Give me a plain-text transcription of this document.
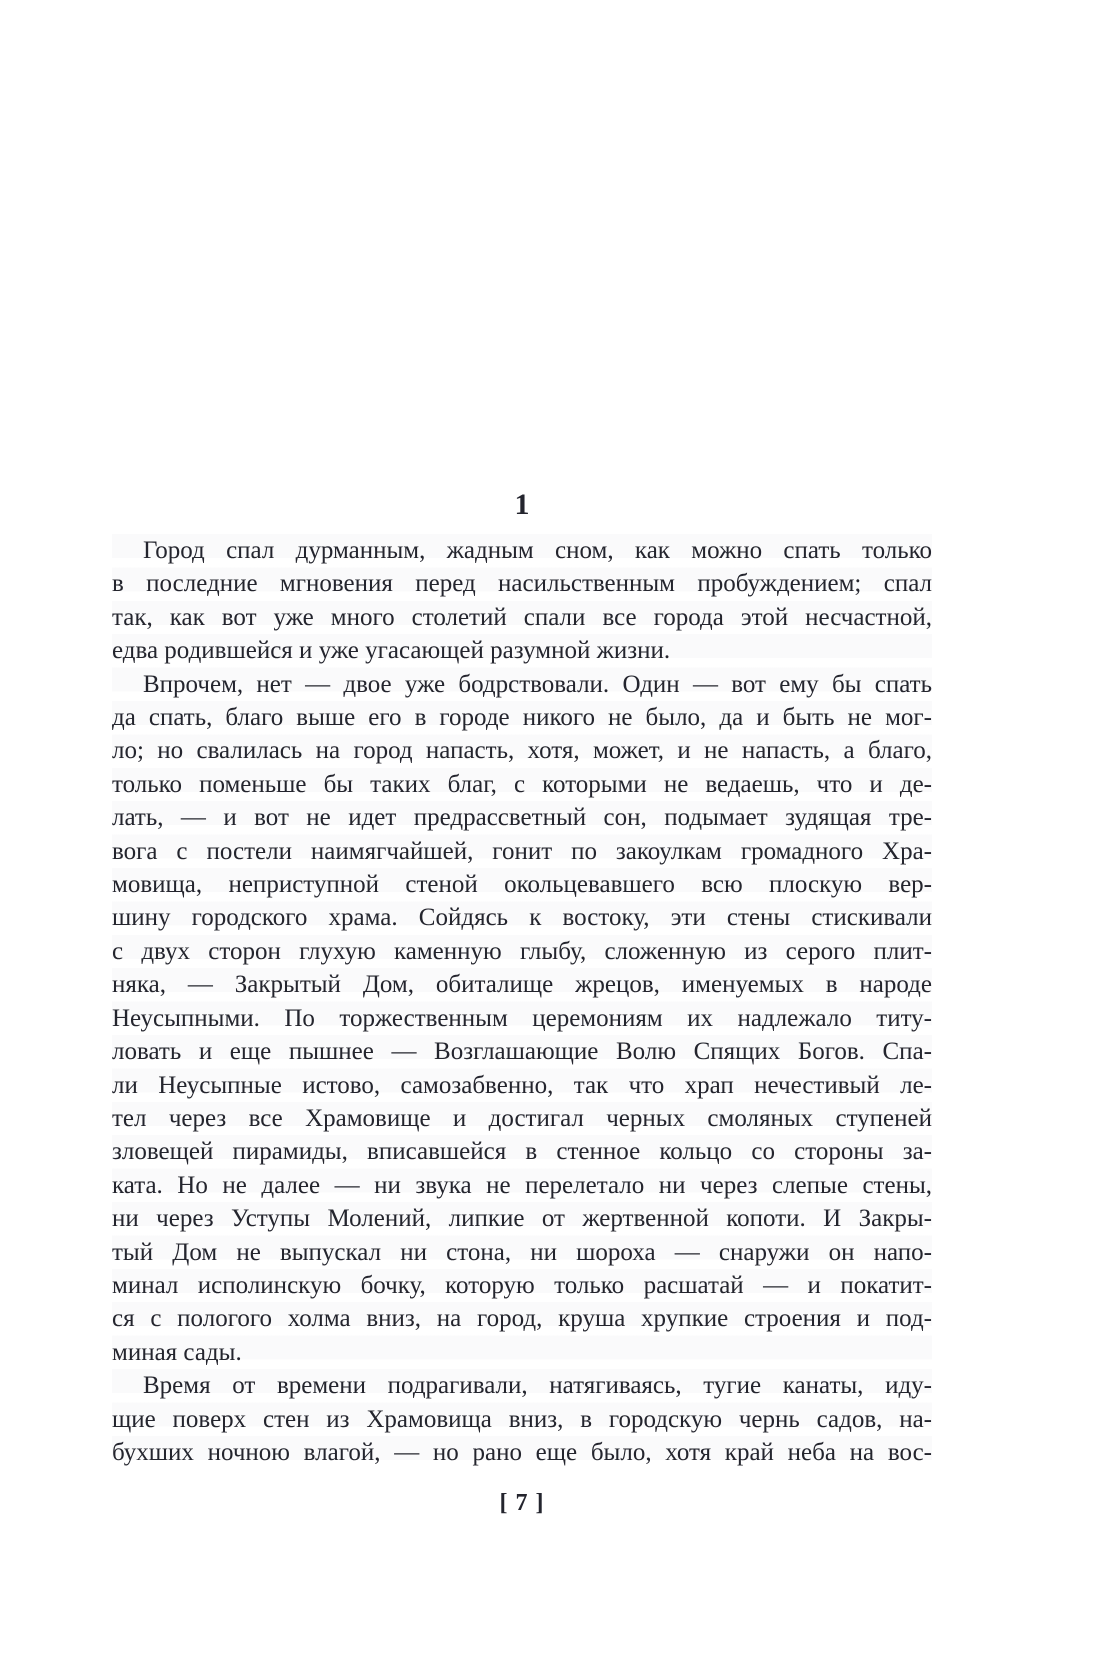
1
Город спал дурманным, жадным сном, как можно спать только
в последние мгновения перед насильственным пробуждением; спал
так, как вот уже много столетий спали все города этой несчастной,
едва родившейся и уже угасающей разумной жизни.
Впрочем, нет — двое уже бодрствовали. Один — вот ему бы спать
да спать, благо выше его в городе никого не было, да и быть не мог-
ло; но свалилась на город напасть, хотя, может, и не напасть, а благо,
только поменьше бы таких благ, с которыми не ведаешь, что и де-
лать, — и вот не идет предрассветный сон, подымает зудящая тре-
вога с постели наимягчайшей, гонит по закоулкам громадного Хра-
мовища, неприступной стеной окольцевавшего всю плоскую вер-
шину городского храма. Сойдясь к востоку, эти стены стискивали
с двух сторон глухую каменную глыбу, сложенную из серого плит-
няка, — Закрытый Дом, обиталище жрецов, именуемых в народе
Неусыпными. По торжественным церемониям их надлежало титу-
ловать и еще пышнее — Возглашающие Волю Спящих Богов. Спа-
ли Неусыпные истово, самозабвенно, так что храп нечестивый ле-
тел через все Храмовище и достигал черных смоляных ступеней
зловещей пирамиды, вписавшейся в стенное кольцо со стороны за-
ката. Но не далее — ни звука не перелетало ни через слепые стены,
ни через Уступы Молений, липкие от жертвенной копоти. И Закры-
тый Дом не выпускал ни стона, ни шороха — снаружи он напо-
минал исполинскую бочку, которую только расшатай — и покатит-
ся с пологого холма вниз, на город, круша хрупкие строения и под-
миная сады.
Время от времени подрагивали, натягиваясь, тугие канаты, иду-
щие поверх стен из Храмовища вниз, в городскую чернь садов, на-
бухших ночною влагой, — но рано еще было, хотя край неба на вос-
[ 7 ]
